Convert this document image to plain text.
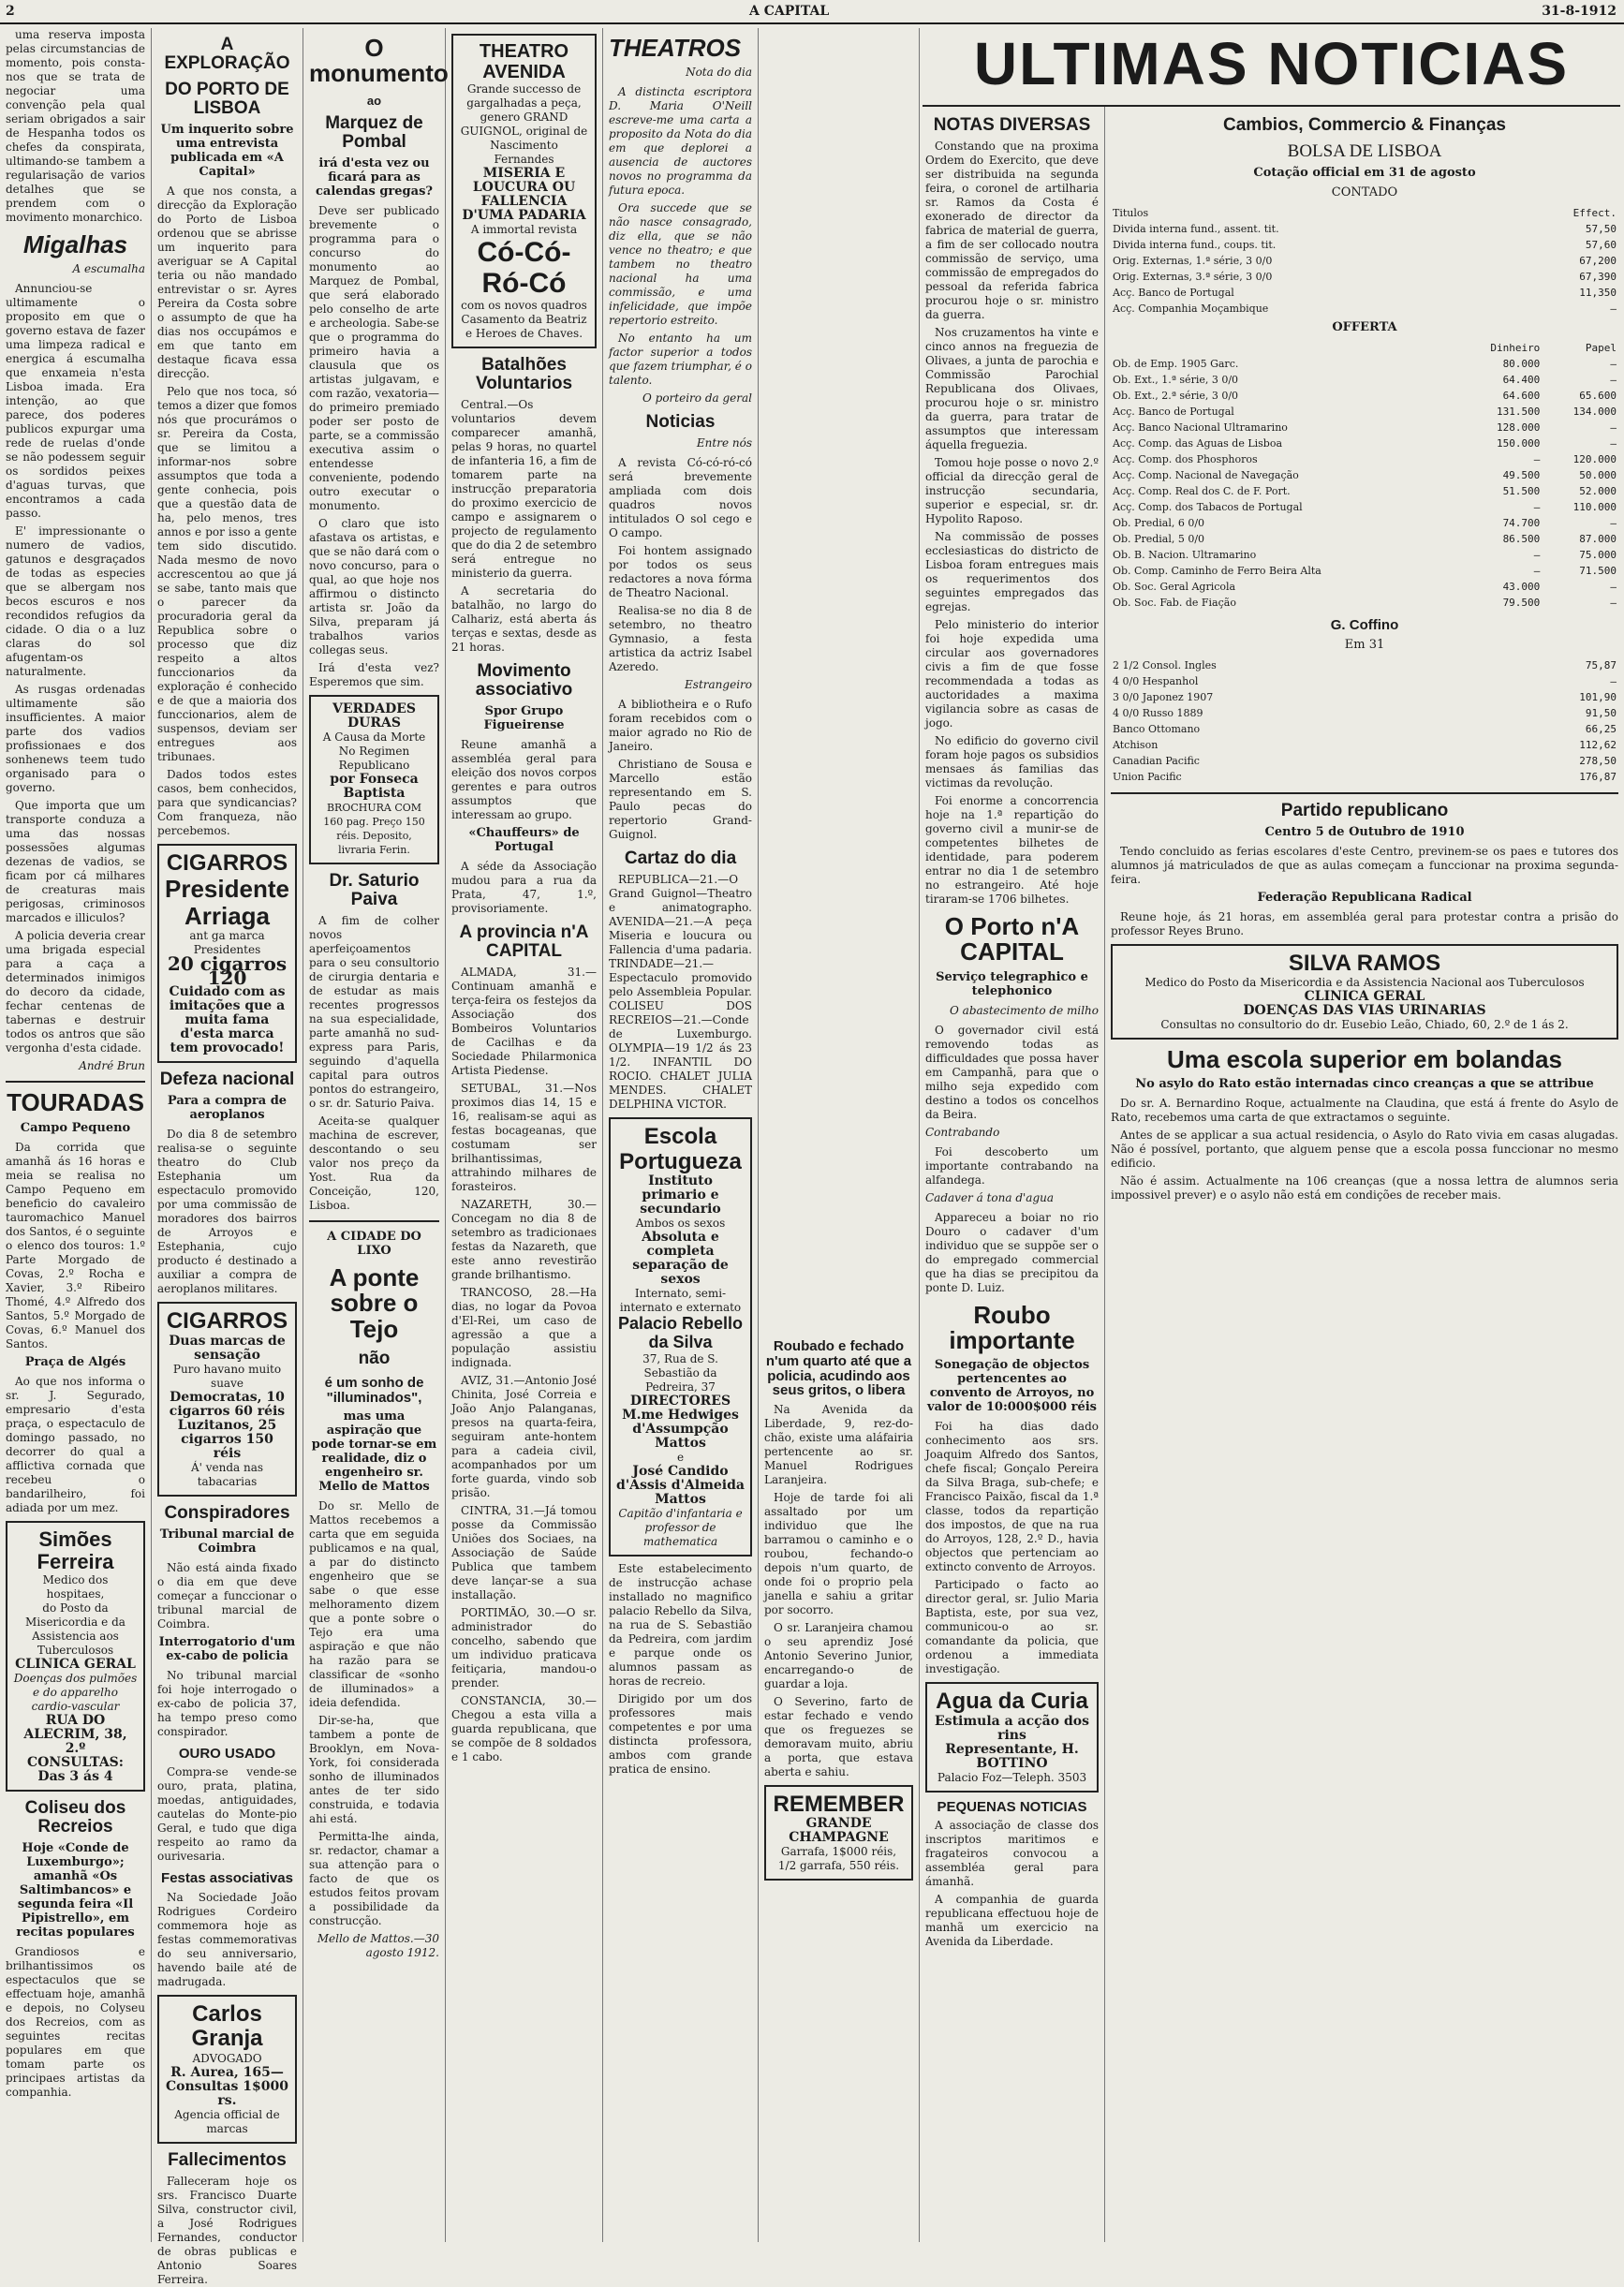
2	A CAPITAL	31-8-1912

uma reserva imposta pelas circumstancias de momento, pois consta-nos que se trata de negociar uma convenção pela qual seriam obrigados a sair de Hespanha todos os chefes da conspirata, ultimando-se tambem a regularisação de varios detalhes que se prendem com o movimento monarchico.

Migalhas
A escumalha

Annunciou-se ultimamente o proposito em que o governo estava de fazer uma limpeza radical e energica á escumalha que enxameia n'esta Lisboa imada. Era intenção, ao que parece, dos poderes publicos expurgar uma rede de ruelas d'onde se não podessem seguir os sordidos peixes d'aguas turvas, que encontramos a cada passo.

E' impressionante o numero de vadios, gatunos e desgraçados de todas as especies que se albergam nos becos escuros e nos recondidos refugios da cidade. O dia o a luz claras do sol afugentam-os naturalmente.

As rusgas ordenadas ultimamente são insufficientes. A maior parte dos vadios profissionaes e dos sonhenews teem tudo organisado para o governo.

Que importa que um transporte conduza a uma das nossas possessões algumas dezenas de vadios, se ficam por cá milhares de creaturas mais perigosas, criminosos marcados e illiculos?

A policia deveria crear uma brigada especial para a caça a determinados inimigos do decoro da cidade, fechar centenas de tabernas e destruir todos os antros que são vergonha d'esta cidade.

André Brun
TOURADAS
Campo Pequeno

Da corrida que amanhã ás 16 horas e meia se realisa no Campo Pequeno em beneficio do cavaleiro tauromachico Manuel dos Santos, é o seguinte o elenco dos touros: 1.º Parte Morgado de Covas, 2.º Rocha e Xavier, 3.º Ribeiro Thomé, 4.º Alfredo dos Santos, 5.º Morgado de Covas, 6.º Manuel dos Santos.

Praça de Algés

Ao que nos informa o sr. J. Segurado, empresario d'esta praça, o espectaculo de domingo passado, no decorrer do qual a afflictiva cornada que recebeu o bandarilheiro, foi adiada por um mez.

Simões Ferreira
Medico dos hospitaes,
do Posto da Misericordia e da Assistencia aos Tuberculosos
CLINICA GERAL
Doenças dos pulmões e do apparelho cardio-vascular
RUA DO ALECRIM, 38, 2.º
CONSULTAS: Das 3 ás 4
Coliseu dos Recreios
Hoje «Conde de Luxemburgo»; amanhã «Os Saltimbancos» e segunda feira «Il Pipistrello», em recitas populares

Grandiosos e brilhantissimos os espectaculos que se effectuam hoje, amanhã e depois, no Colyseu dos Recreios, com as seguintes recitas populares em que tomam parte os principaes artistas da companhia.

A EXPLORAÇÃO
DO PORTO DE LISBOA
Um inquerito sobre uma entrevista publicada em «A Capital»

A que nos consta, a direcção da Exploração do Porto de Lisboa ordenou que se abrisse um inquerito para averiguar se A Capital teria ou não mandado entrevistar o sr. Ayres Pereira da Costa sobre o assumpto de que ha dias nos occupámos e em que tanto em destaque ficava essa direcção.

Pelo que nos toca, só temos a dizer que fomos nós que procurámos o sr. Pereira da Costa, que se limitou a informar-nos sobre assumptos que toda a gente conhecia, pois que a questão data de ha, pelo menos, tres annos e por isso a gente tem sido discutido. Nada mesmo de novo accrescentou ao que já se sabe, tanto mais que o parecer da procuradoria geral da Republica sobre o processo que diz respeito a altos funccionarios da exploração é conhecido e de que a maioria dos funccionarios, alem de suspensos, deviam ser entregues aos tribunaes.

Dados todos estes casos, bem conhecidos, para que syndicancias? Com franqueza, não percebemos.

CIGARROS
Presidente Arriaga
ant ga marca Presidentes
20 cigarros 120
Cuidado com as imitações que a muita fama d'esta marca tem provocado!
Defeza nacional
Para a compra de aeroplanos

Do dia 8 de setembro realisa-se o seguinte theatro do Club Estephania um espectaculo promovido por uma commissão de moradores dos bairros de Arroyos e Estephania, cujo producto é destinado a auxiliar a compra de aeroplanos militares.

CIGARROS
Duas marcas de sensação
Puro havano muito suave
Democratas, 10 cigarros 60 réis
Luzitanos, 25 cigarros 150 réis
Á' venda nas tabacarias
Conspiradores
Tribunal marcial de Coimbra

Não está ainda fixado o dia em que deve começar a funccionar o tribunal marcial de Coimbra.

Interrogatorio d'um ex-cabo de policia

No tribunal marcial foi hoje interrogado o ex-cabo de policia 37, ha tempo preso como conspirador.

OURO USADO

Compra-se vende-se ouro, prata, platina, moedas, antiguidades, cautelas do Monte-pio Geral, e tudo que diga respeito ao ramo da ourivesaria.

Festas associativas

Na Sociedade João Rodrigues Cordeiro commemora hoje as festas commemorativas do seu anniversario, havendo baile até de madrugada.

Carlos Granja
ADVOGADO
R. Aurea, 165—Consultas 1$000 rs.
Agencia official de marcas
Fallecimentos

Falleceram hoje os srs. Francisco Duarte Silva, constructor civil, a José Rodrigues Fernandes, conductor de obras publicas e Antonio Soares Ferreira.

O monumento
ao
Marquez de Pombal
irá d'esta vez ou ficará para as calendas gregas?

Deve ser publicado brevemente o programma para o concurso do monumento ao Marquez de Pombal, que será elaborado pelo conselho de arte e archeologia. Sabe-se que o programma do primeiro havia a clausula que os artistas julgavam, e com razão, vexatoria—do primeiro premiado poder ser posto de parte, se a commissão executiva assim o entendesse conveniente, podendo outro executar o monumento.

O claro que isto afastava os artistas, e que se não dará com o novo concurso, para o qual, ao que hoje nos affirmou o distincto artista sr. João da Silva, preparam já trabalhos varios collegas seus.

Irá d'esta vez? Esperemos que sim.

VERDADES DURAS
A Causa da Morte
No Regimen Republicano
por Fonseca Baptista
BROCHURA COM 160 pag. Preço 150 réis. Deposito, livraria Ferin.
Dr. Saturio Paiva

A fim de colher novos aperfeiçoamentos para o seu consultorio de cirurgia dentaria e de estudar as mais recentes progressos na sua especialidade, parte amanhã no sud-express para Paris, seguindo d'aquella capital para outros pontos do estrangeiro, o sr. dr. Saturio Paiva.

Aceita-se qualquer machina de escrever, descontando o seu valor nos preço da Yost. Rua da Conceição, 120, Lisboa.

A CIDADE DO LIXO
A ponte sobre o Tejo
não
é um sonho de "illuminados",
mas uma aspiração que pode tornar-se em realidade, diz o engenheiro sr. Mello de Mattos

Do sr. Mello de Mattos recebemos a carta que em seguida publicamos e na qual, a par do distincto engenheiro que se sabe o que esse melhoramento dizem que a ponte sobre o Tejo era uma aspiração e que não ha razão para se classificar de «sonho de illuminados» a ideia defendida.

Dir-se-ha, que tambem a ponte de Brooklyn, em Nova-York, foi considerada sonho de illuminados antes de ter sido construida, e todavia ahi está.

Permitta-lhe ainda, sr. redactor, chamar a sua attenção para o facto de que os estudos feitos provam a possibilidade da construcção.

Mello de Mattos.—30 agosto 1912.
THEATRO AVENIDA
Grande successo de gargalhadas a peça, genero GRAND GUIGNOL, original de Nascimento Fernandes
MISERIA E LOUCURA OU FALLENCIA D'UMA PADARIA
A immortal revista
Có-Có-Ró-Có
com os novos quadros Casamento da Beatriz e Heroes de Chaves.
Batalhões Voluntarios

Central.—Os voluntarios devem comparecer amanhã, pelas 9 horas, no quartel de infanteria 16, a fim de tomarem parte na instrucção preparatoria do proximo exercicio de campo e assignarem o projecto de regulamento que do dia 2 de setembro será entregue no ministerio da guerra.

A secretaria do batalhão, no largo do Calhariz, está aberta ás terças e sextas, desde as 21 horas.

Movimento associativo
Spor Grupo Figueirense

Reune amanhã a assembléa geral para eleição dos novos corpos gerentes e para outros assumptos que interessam ao grupo.

«Chauffeurs» de Portugal

A séde da Associação mudou para a rua da Prata, 47, 1.º, provisoriamente.

A provincia n'A CAPITAL

ALMADA, 31.—Continuam amanhã e terça-feira os festejos da Associação dos Bombeiros Voluntarios de Cacilhas e da Sociedade Philarmonica Artista Piedense.

SETUBAL, 31.—Nos proximos dias 14, 15 e 16, realisam-se aqui as festas bocageanas, que costumam ser brilhantissimas, attrahindo milhares de forasteiros.

NAZARETH, 30.—Concegam no dia 8 de setembro as tradicionaes festas da Nazareth, que este anno revestirão grande brilhantismo.

TRANCOSO, 28.—Ha dias, no logar da Povoa d'El-Rei, um caso de agressão a que a população assistiu indignada.

AVIZ, 31.—Antonio José Chinita, José Correia e João Anjo Palanganas, presos na quarta-feira, seguiram ante-hontem para a cadeia civil, acompanhados por um forte guarda, vindo sob prisão.

CINTRA, 31.—Já tomou posse da Commissão Uniões dos Sociaes, na Associação de Saúde Publica que tambem deve lançar-se a sua installação.

PORTIMÃO, 30.—O sr. administrador do concelho, sabendo que um individuo praticava feitiçaria, mandou-o prender.

CONSTANCIA, 30.—Chegou a esta villa a guarda republicana, que se compõe de 8 soldados e 1 cabo.

THEATROS
Nota do dia

A distincta escriptora D. Maria O'Neill escreve-me uma carta a proposito da Nota do dia em que deplorei a ausencia de auctores novos no programma da futura epoca.

Ora succede que se não nasce consagrado, diz ella, que se não vence no theatro; e que tambem no theatro nacional ha uma commissão, e uma infelicidade, que impõe repertorio estreito.

No entanto ha um factor superior a todos que fazem triumphar, é o talento.

O porteiro da geral
Noticias
Entre nós

A revista Có-có-ró-có será brevemente ampliada com dois quadros novos intitulados O sol cego e O campo.

Foi hontem assignado por todos os seus redactores a nova fórma de Theatro Nacional.

Realisa-se no dia 8 de setembro, no theatro Gymnasio, a festa artistica da actriz Isabel Azeredo.

Estrangeiro

A bibliotheira e o Rufo foram recebidos com o maior agrado no Rio de Janeiro.

Christiano de Sousa e Marcello estão representando em S. Paulo pecas do repertorio Grand-Guignol.

Cartaz do dia

REPUBLICA—21.—O Grand Guignol—Theatro e animatographo. AVENIDA—21.—A peça Miseria e loucura ou Fallencia d'uma padaria. TRINDADE—21.—Espectaculo promovido pelo Assembleia Popular. COLISEU DOS RECREIOS—21.—Conde de Luxemburgo. OLYMPIA—19 1/2 ás 23 1/2. INFANTIL DO ROCIO. CHALET JULIA MENDES. CHALET DELPHINA VICTOR.

Escola Portugueza
Instituto primario e secundario
Ambos os sexos
Absoluta e completa separação de sexos
Internato, semi-internato e externato
Palacio Rebello da Silva
37, Rua de S. Sebastião da Pedreira, 37
DIRECTORES
M.me Hedwiges d'Assumpção Mattos
e
José Candido d'Assis d'Almeida Mattos
Capitão d'infantaria e professor de mathematica

Este estabelecimento de instrucção achase installado no magnifico palacio Rebello da Silva, na rua de S. Sebastião da Pedreira, com jardim e parque onde os alumnos passam as horas de recreio.

Dirigido por um dos professores mais competentes e por uma distincta professora, ambos com grande pratica de ensino.

Roubado e fechado n'um quarto até que a policia, acudindo aos seus gritos, o libera

Na Avenida da Liberdade, 9, rez-do-chão, existe uma aláfairia pertencente ao sr. Manuel Rodrigues Laranjeira.

Hoje de tarde foi ali assaltado por um individuo que lhe barramou o caminho e o roubou, fechando-o depois n'um quarto, de onde foi o proprio pela janella e sahiu a gritar por socorro.

O sr. Laranjeira chamou o seu aprendiz José Antonio Severino Junior, encarregando-o de guardar a loja.

O Severino, farto de estar fechado e vendo que os freguezes se demoravam muito, abriu a porta, que estava aberta e sahiu.

REMEMBER
GRANDE CHAMPAGNE
Garrafa, 1$000 réis, 1/2 garrafa, 550 réis.
NOTAS DIVERSAS

Constando que na proxima Ordem do Exercito, que deve ser distribuida na segunda feira, o coronel de artilharia sr. Ramos da Costa é exonerado de director da fabrica de material de guerra, a fim de ser collocado noutra commissão de serviço, uma commissão de empregados do pessoal da referida fabrica procurou hoje o sr. ministro da guerra.

Nos cruzamentos ha vinte e cinco annos na freguezia de Olivaes, a junta de parochia e Commissão Parochial Republicana dos Olivaes, procurou hoje o sr. ministro da guerra, para tratar de assumptos que interessam áquella freguezia.

Tomou hoje posse o novo 2.º official da direcção geral de instrucção secundaria, superior e especial, sr. dr. Hypolito Raposo.

Na commissão de posses ecclesiasticas do districto de Lisboa foram entregues mais os requerimentos dos seguintes empregados das egrejas.

Pelo ministerio do interior foi hoje expedida uma circular aos governadores civis a fim de que fosse recommendada a todas as auctoridades a maxima vigilancia sobre as casas de jogo.

No edificio do governo civil foram hoje pagos os subsidios mensaes ás familias das victimas da revolução.

Foi enorme a concorrencia hoje na 1.ª repartição do governo civil a munir-se de competentes bilhetes de identidade, para poderem entrar no dia 1 de setembro no estrangeiro. Até hoje tiraram-se 1706 bilhetes.

O Porto n'A CAPITAL
Serviço telegraphico e telephonico
O abastecimento de milho

O governador civil está removendo todas as difficuldades que possa haver em Campanhã, para que o milho seja expedido com destino a todos os concelhos da Beira.

Contrabando

Foi descoberto um importante contrabando na alfandega.

Cadaver á tona d'agua

Appareceu a boiar no rio Douro o cadaver d'um individuo que se suppõe ser o do empregado commercial que ha dias se precipitou da ponte D. Luiz.

Roubo importante
Sonegação de objectos pertencentes ao convento de Arroyos, no valor de 10:000$000 réis

Foi ha dias dado conhecimento aos srs. Joaquim Alfredo dos Santos, chefe fiscal; Gonçalo Pereira da Silva Braga, sub-chefe; e Francisco Paixão, fiscal da 1.ª classe, todos da repartição dos impostos, de que na rua do Arroyos, 128, 2.º D., havia objectos que pertenciam ao extincto convento de Arroyos.

Participado o facto ao director geral, sr. Julio Maria Baptista, este, por sua vez, communicou-o ao sr. comandante da policia, que ordenou a immediata investigação.

Agua da Curia
Estimula a acção dos rins
Representante, H. BOTTINO
Palacio Foz—Teleph. 3503
PEQUENAS NOTICIAS

A associação de classe dos inscriptos maritimos e fragateiros convocou a assembléa geral para ámanhã.

A companhia de guarda republicana effectuou hoje de manhã um exercicio na Avenida da Liberdade.

ULTIMAS NOTICIAS
Cambios, Commercio & Finanças
BOLSA DE LISBOA
Cotação official em 31 de agosto
CONTADO
Titulos	Effect.
Divida interna fund., assent. tit.	57,50
Divida interna fund., coups. tit.	57,60
Orig. Externas, 1.ª série, 3 0/0	67,200
Orig. Externas, 3.ª série, 3 0/0	67,390
Acç. Banco de Portugal	11,350
Acç. Companhia Moçambique	—
OFFERTA
	Dinheiro	Papel
Ob. de Emp. 1905 Garc.	80.000	—
Ob. Ext., 1.ª série, 3 0/0	64.400	—
Ob. Ext., 2.ª série, 3 0/0	64.600	65.600
Acç. Banco de Portugal	131.500	134.000
Acç. Banco Nacional Ultramarino	128.000	—
Acç. Comp. das Aguas de Lisboa	150.000	—
Acç. Comp. dos Phosphoros	—	120.000
Acç. Comp. Nacional de Navegação	49.500	50.000
Acç. Comp. Real dos C. de F. Port.	51.500	52.000
Acç. Comp. dos Tabacos de Portugal	—	110.000
Ob. Predial, 6 0/0	74.700	—
Ob. Predial, 5 0/0	86.500	87.000
Ob. B. Nacion. Ultramarino	—	75.000
Ob. Comp. Caminho de Ferro Beira Alta	—	71.500
Ob. Soc. Geral Agricola	43.000	—
Ob. Soc. Fab. de Fiação	79.500	—
G. Coffino
Em 31
2 1/2 Consol. Ingles	75,87
4 0/0 Hespanhol	—
3 0/0 Japonez 1907	101,90
4 0/0 Russo 1889	91,50
Banco Ottomano	66,25
Atchison	112,62
Canadian Pacific	278,50
Union Pacific	176,87
Partido republicano
Centro 5 de Outubro de 1910

Tendo concluido as ferias escolares d'este Centro, previnem-se os paes e tutores dos alumnos já matriculados de que as aulas começam a funccionar na proxima segunda-feira.

Federação Republicana Radical

Reune hoje, ás 21 horas, em assembléa geral para protestar contra a prisão do professor Reyes Bruno.

SILVA RAMOS
Medico do Posto da Misericordia e da Assistencia Nacional aos Tuberculosos
CLINICA GERAL
DOENÇAS DAS VIAS URINARIAS
Consultas no consultorio do dr. Eusebio Leão, Chiado, 60, 2.º de 1 ás 2.
Uma escola superior em bolandas
No asylo do Rato estão internadas cinco creanças a que se attribue

Do sr. A. Bernardino Roque, actualmente na Claudina, que está á frente do Asylo de Rato, recebemos uma carta de que extractamos o seguinte.

Antes de se applicar a sua actual residencia, o Asylo do Rato vivia em casas alugadas. Não é possível, portanto, que alguem pense que a escola possa funccionar no mesmo edificio.

Não é assim. Actualmente na 106 creanças (que a nossa lettra de alumnos seria impossivel prever) e o asylo não está em condições de receber mais.
